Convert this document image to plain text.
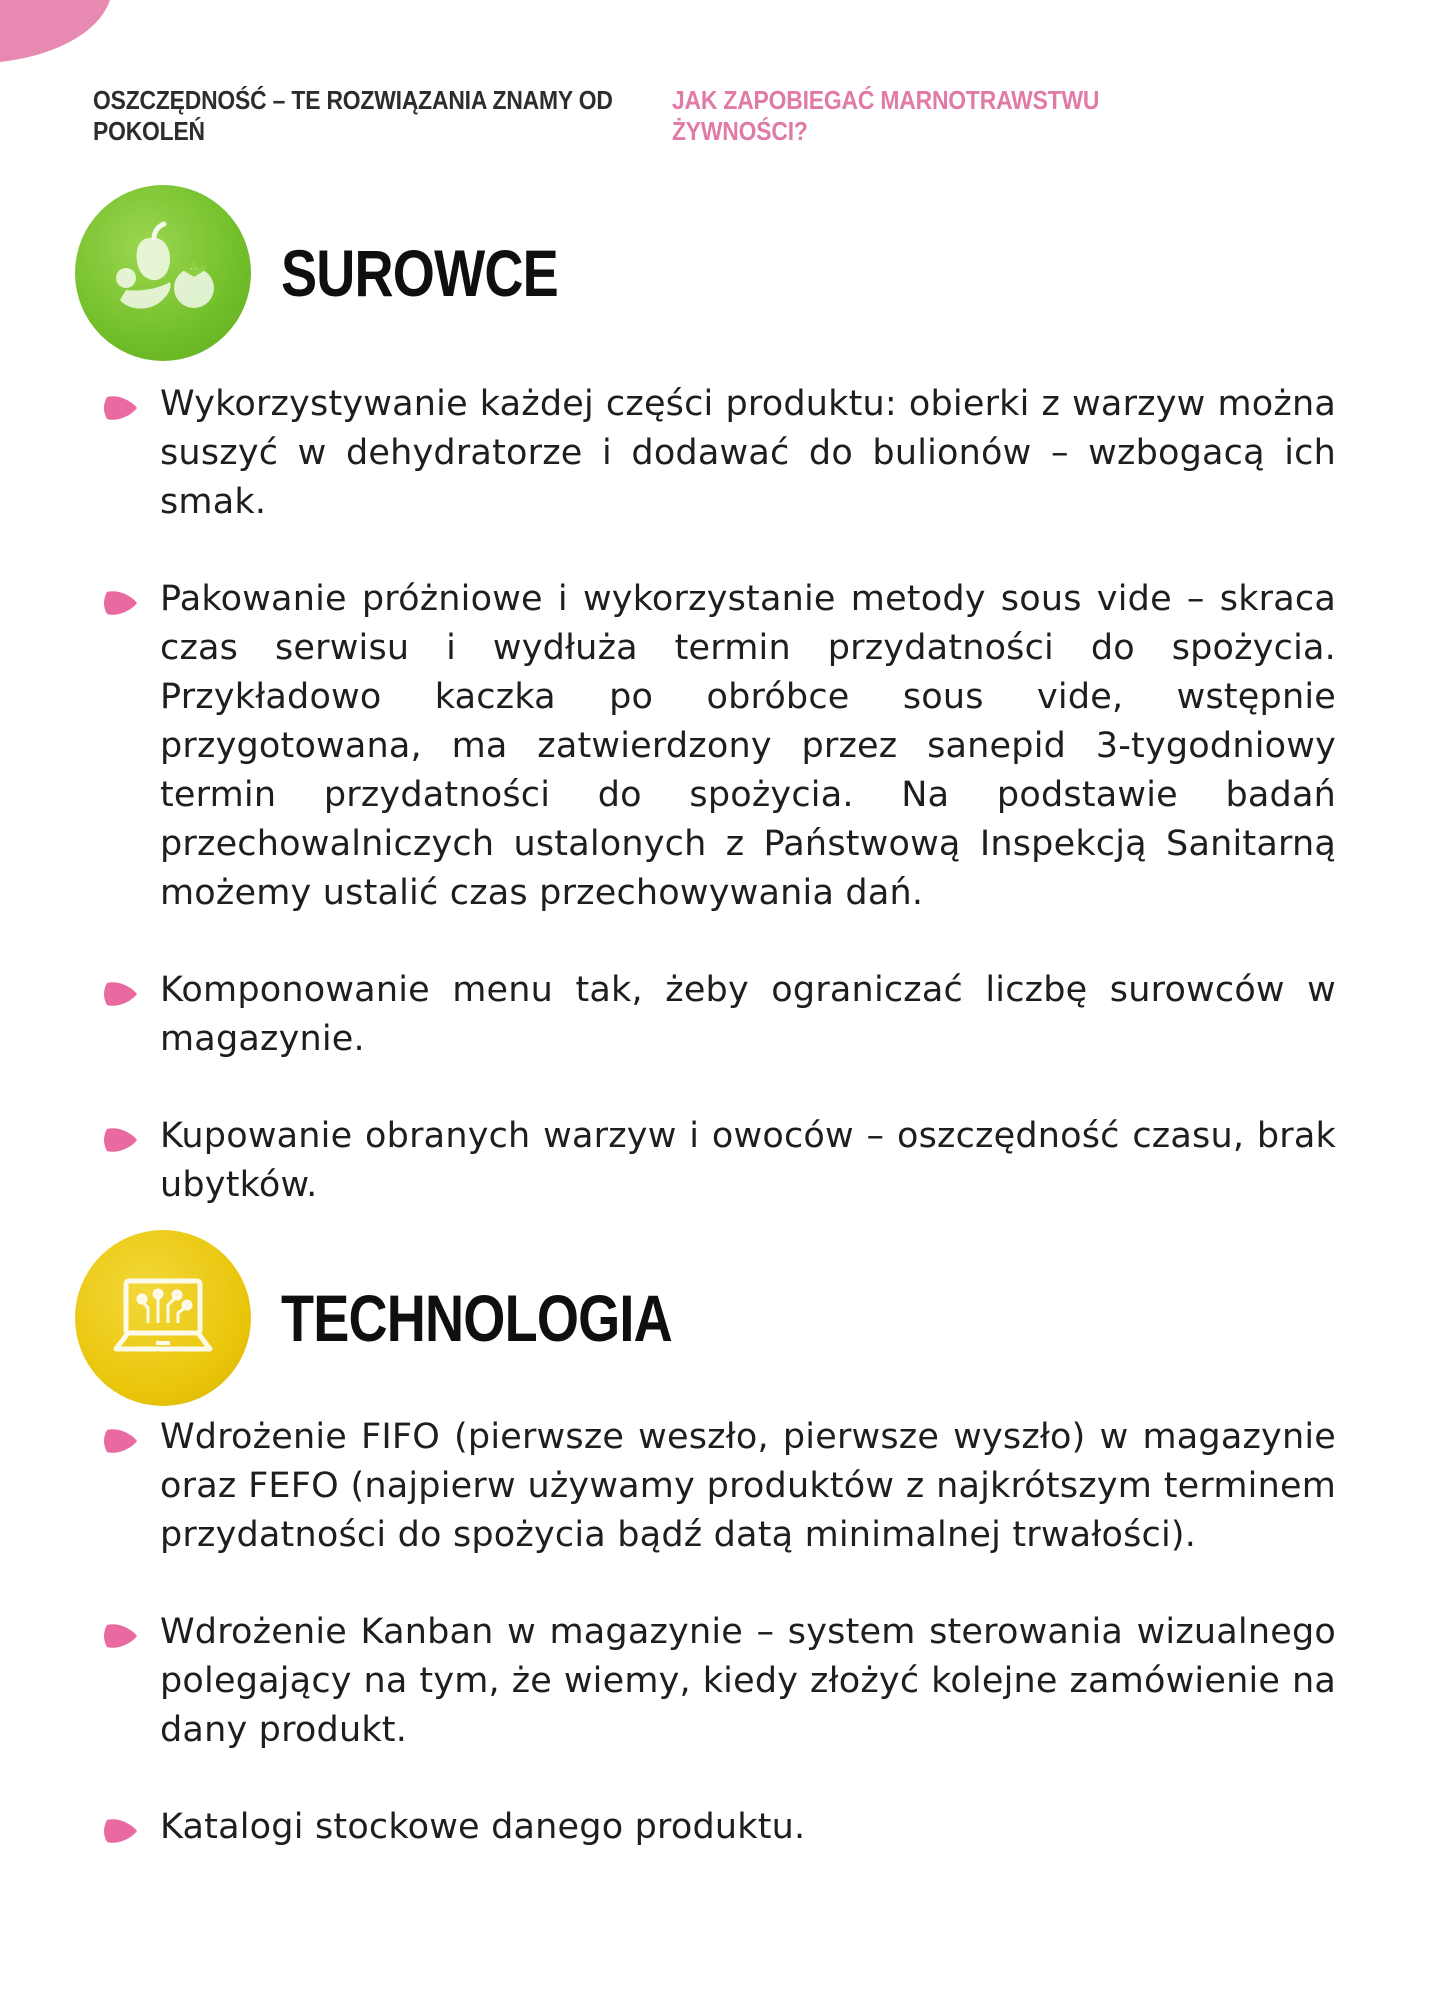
OSZCZĘDNOŚĆ – TE ROZWIĄZANIA ZNAMY OD POKOLEŃ
JAK ZAPOBIEGAĆ MARNOTRAWSTWU ŻYWNOŚCI?
SUROWCE
Wykorzystywanie każdej części produktu: obierki z warzyw można suszyć w dehydratorze i dodawać do bulionów – wzbogacą ich smak.
Pakowanie próżniowe i wykorzystanie metody sous vide – skraca czas serwisu i wydłuża termin przydatności do spożycia. Przykładowo kaczka po obróbce sous vide, wstępnie przygotowana, ma zatwierdzony przez sanepid 3-tygodniowy termin przydatności do spożycia. Na podstawie badań przechowalniczych ustalonych z Państwową Inspekcją Sanitarną możemy ustalić czas przechowywania dań.
Komponowanie menu tak, żeby ograniczać liczbę surowców w magazynie.
Kupowanie obranych warzyw i owoców – oszczędność czasu, brak ubytków.
TECHNOLOGIA
Wdrożenie FIFO (pierwsze weszło, pierwsze wyszło) w magazynie oraz FEFO (najpierw używamy produktów z najkrótszym terminem przydatności do spożycia bądź datą minimalnej trwałości).
Wdrożenie Kanban w magazynie – system sterowania wizualnego polegający na tym, że wiemy, kiedy złożyć kolejne zamówienie na dany produkt.
Katalogi stockowe danego produktu.
